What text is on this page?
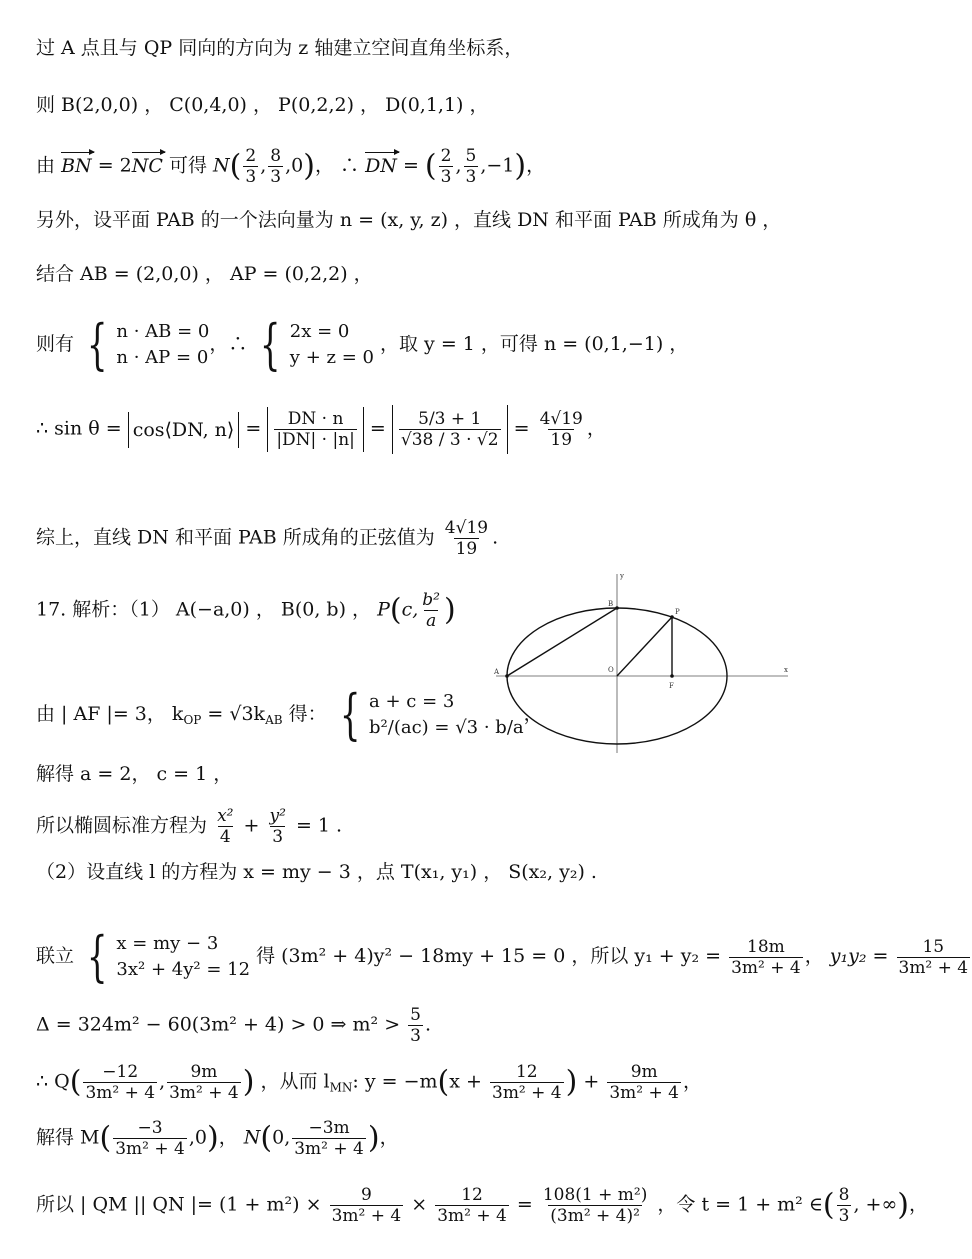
过 A 点且与 QP 同向的方向为 z 轴建立空间直角坐标系，
则 B(2,0,0) ， C(0,4,0) ， P(0,2,2) ， D(0,1,1) ，
由 BN = 2NC 可得 $N( \frac{2}{3}$ , $\frac{8}{3} ,0$)， ∴ DN = ( $\frac{2}{3}$ , $\frac{5}{3} ,-1$)，
另外，设平面 PAB 的一个法向量为 n = (x, y, z) ，直线 DN 和平面 PAB 所成角为 θ ，
结合 AB = (2,0,0) ， AP = (0,2,2) ，
则有 { n · AB = 0
n · AP = 0
，∴ { 2x = 0
y + z = 0
，取 y = 1 ，可得 n = (0,1,−1) ，
∴ sin θ = cos⟨DN, n⟩ = $\frac{DN \cdot n}{|DN| \cdot |n|} = \frac{5/3 + 1}{√38 / 3 \cdot √2} = \frac{4√19}{19}$ ，
综上，直线 DN 和平面 PAB 所成角的正弦值为 $\frac{4√19}{19}$ .
17. 解析：（1） A(−a,0) ， B(0, b) ， P(c, $\frac{\text{b²}}{a}$ )
由 | AF |= 3， $k_{OP} = √3k_{AB}$ 得： { a + c = 3
b²/(ac) = √3 · b/a
，
x
y
A
B
P
O
F
解得 a = 2， c = 1 ，
所以椭圆标准方程为 $\frac{\text{x²}}{4} + \frac{\text{y²}}{3} = 1$ .
（2）设直线 l 的方程为 x = my − 3 ，点 T(x₁, y₁) ， S(x₂, y₂) .
联立 { x = my − 3
3x² + 4y² = 12
得 (3m² + 4)y² − 18my + 15 = 0 ，所以 $y_1 + y_2 = \frac{18m}{\text{3m² + 4}}$ ， $y_1y_2 = \frac{15}{\text{3m² + 4}}$
Δ = 324m² − 60(3m² + 4) > 0 ⇒ $m^2 > \frac{5}{3}$ .
∴ $Q( \frac{-12}{\text{3m² + 4}}$ , $\frac{9m}{\text{3m² + 4}}$ ) ，从而 $l_{MN}$: $y = -m(x + \frac{12}{\text{3m² + 4}}$ ) + $\frac{9m}{\text{3m² + 4}}$ ，
解得 $M( \frac{-3}{\text{3m² + 4}} ,0)$， N(0, $\frac{-3m}{\text{3m² + 4}}$ )，
所以 | QM || QN |= $(1 + m^2) \times \frac{9}{\text{3m² + 4}} \times \frac{12}{\text{3m² + 4}} = \frac{\text{108(1 + m²)}}{\text{(3m² + 4)²}}$ ，令 t = 1 + m² ∈( $\frac{8}{3}$ , +∞)，
